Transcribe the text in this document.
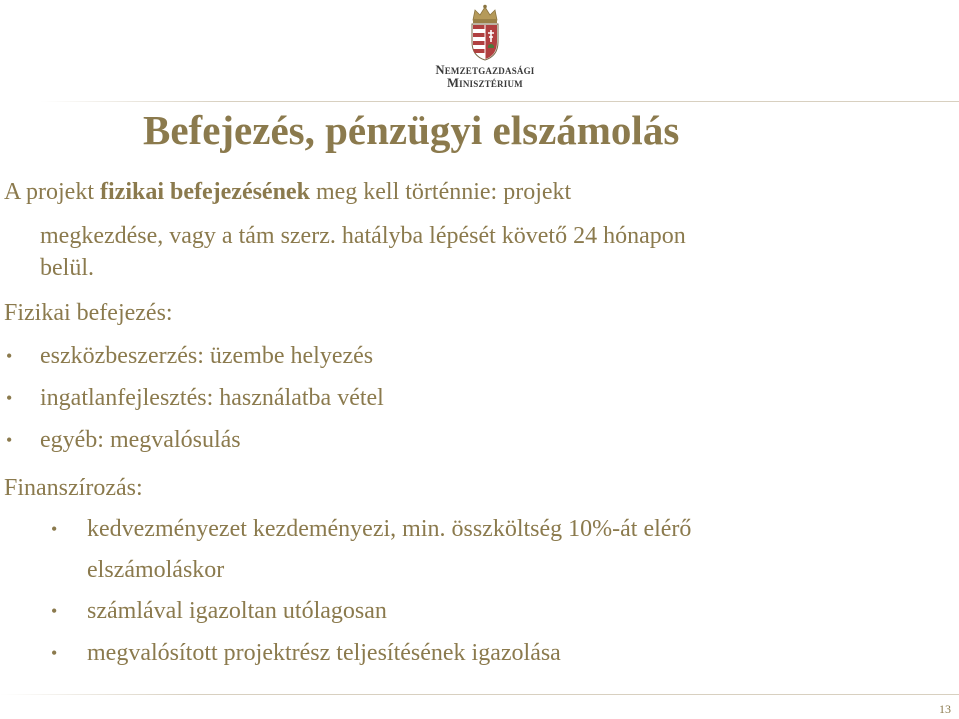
Nemzetgazdasági
Minisztérium
Befejezés, pénzügyi elszámolás
A projekt fizikai befejezésének meg kell történnie: projekt
megkezdése, vagy a tám szerz. hatályba lépését követő 24 hónapon
belül.
Fizikai befejezés:
• eszközbeszerzés: üzembe helyezés
• ingatlanfejlesztés: használatba vétel
• egyéb: megvalósulás
Finanszírozás:
• kedvezményezet kezdeményezi, min. összköltség 10%-át elérő
elszámoláskor
• számlával igazoltan utólagosan
• megvalósított projektrész teljesítésének igazolása
13
